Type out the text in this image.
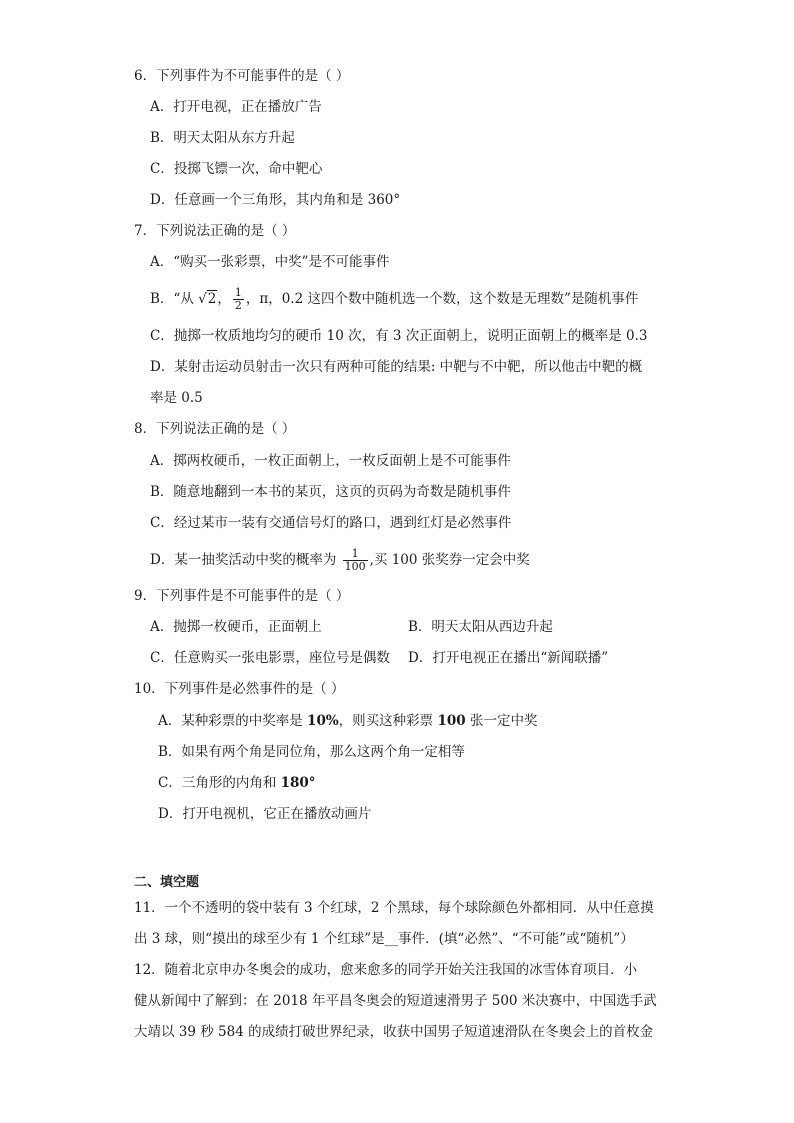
6．下列事件为不可能事件的是（ ）
A．打开电视，正在播放广告
B．明天太阳从东方升起
C．投掷飞镖一次，命中靶心
D．任意画一个三角形，其内角和是 360°
7．下列说法正确的是（ ）
A．“购买一张彩票，中奖”是不可能事件
B．“从 √2， $\frac{1}{2}$ ，π，0.2 这四个数中随机选一个数，这个数是无理数”是随机事件
C．抛掷一枚质地均匀的硬币 10 次，有 3 次正面朝上，说明正面朝上的概率是 0.3
D．某射击运动员射击一次只有两种可能的结果: 中靶与不中靶，所以他击中靶的概
率是 0.5
8．下列说法正确的是（ ）
A．掷两枚硬币，一枚正面朝上，一枚反面朝上是不可能事件
B．随意地翻到一本书的某页，这页的页码为奇数是随机事件
C．经过某市一装有交通信号灯的路口，遇到红灯是必然事件
D．某一抽奖活动中奖的概率为 $\frac{1}{100}$ ,买 100 张奖券一定会中奖
9．下列事件是不可能事件的是（ ）
A．抛掷一枚硬币，正面朝上	B．明天太阳从西边升起
C．任意购买一张电影票，座位号是偶数 D．打开电视正在播出“新闻联播”
10．下列事件是必然事件的是（ ）
A．某种彩票的中奖率是 10%，则买这种彩票 100 张一定中奖
B．如果有两个角是同位角，那么这两个角一定相等
C．三角形的内角和 180°
D．打开电视机，它正在播放动画片
二、填空题
11．一个不透明的袋中装有 3 个红球，2 个黑球，每个球除颜色外都相同．从中任意摸
出 3 球，则“摸出的球至少有 1 个红球”是__事件．(填“必然”、“不可能”或“随机”）
12．随着北京申办冬奥会的成功，愈来愈多的同学开始关注我国的冰雪体育项目．小
健从新闻中了解到：在 2018 年平昌冬奥会的短道速滑男子 500 米决赛中，中国选手武
大靖以 39 秒 584 的成绩打破世界纪录，收获中国男子短道速滑队在冬奥会上的首枚金
